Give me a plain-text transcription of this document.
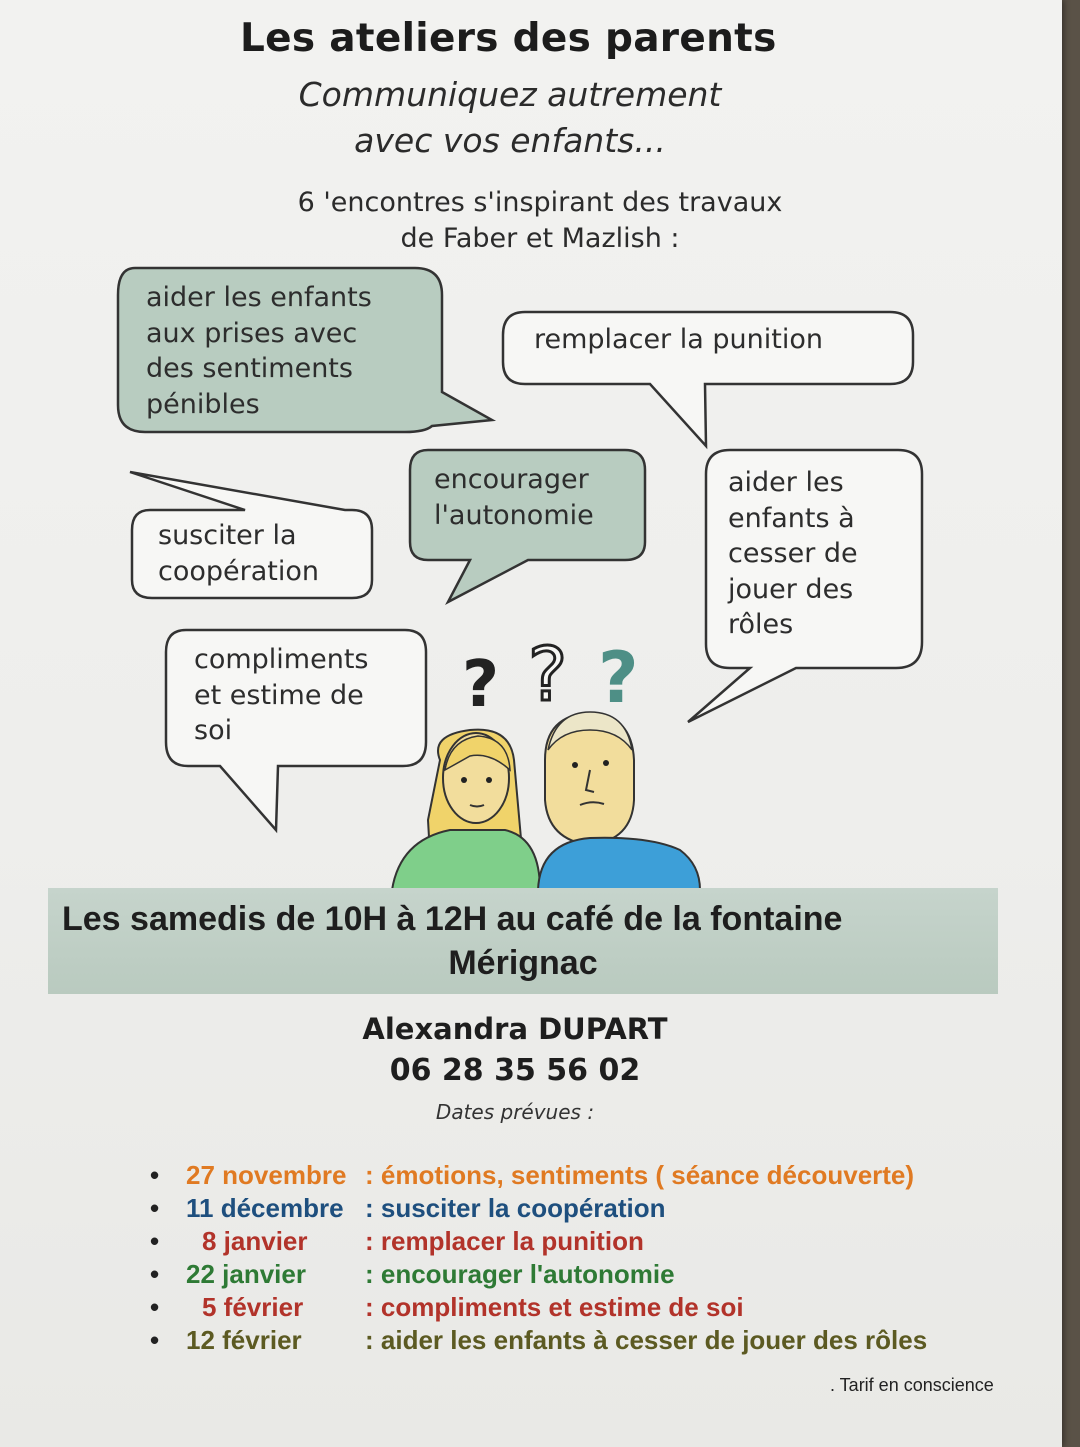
Les ateliers des parents
Communiquez autrement
avec vos enfants...
6 'encontres s'inspirant des travaux
de Faber et Mazlish :
? ? ?
aider les enfants
aux prises avec
des sentiments
pénibles
remplacer la punition
susciter la
coopération
encourager
l'autonomie
aider les
enfants à
cesser de
jouer des
rôles
compliments
et estime de
soi
Les samedis de 10H à 12H au café de la fontaine
Mérignac
Alexandra DUPART
06 28 35 56 02
Dates prévues :
• 27 novembre : émotions, sentiments ( séance découverte)
• 11 décembre : susciter la coopération
• 8 janvier : remplacer la punition
• 22 janvier : encourager l'autonomie
• 5 février : compliments et estime de soi
• 12 février : aider les enfants à cesser de jouer des rôles
. Tarif en conscience
